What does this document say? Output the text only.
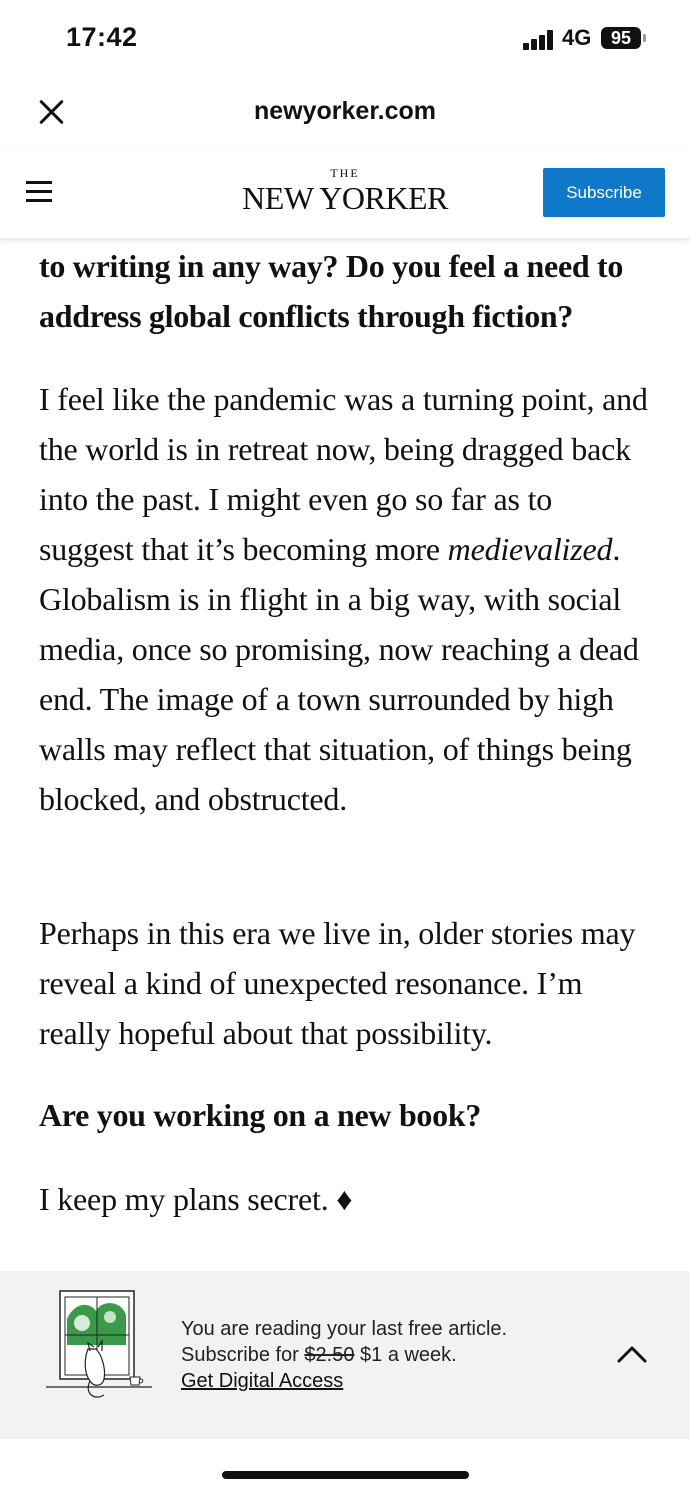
17:42	4G	95
newyorker.com
THE
NEW YORKER	Subscribe
to writing in any way? Do you feel a need to address global conflicts through fiction?
I feel like the pandemic was a turning point, and the world is in retreat now, being dragged back into the past. I might even go so far as to suggest that it’s becoming more medievalized. Globalism is in flight in a big way, with social media, once so promising, now reaching a dead end. The image of a town surrounded by high walls may reflect that situation, of things being blocked, and obstructed.
Perhaps in this era we live in, older stories may reveal a kind of unexpected resonance. I’m really hopeful about that possibility.
Are you working on a new book?
I keep my plans secret. ♦
You are reading your last free article.
Subscribe for $2.50 $1 a week.
Get Digital Access
